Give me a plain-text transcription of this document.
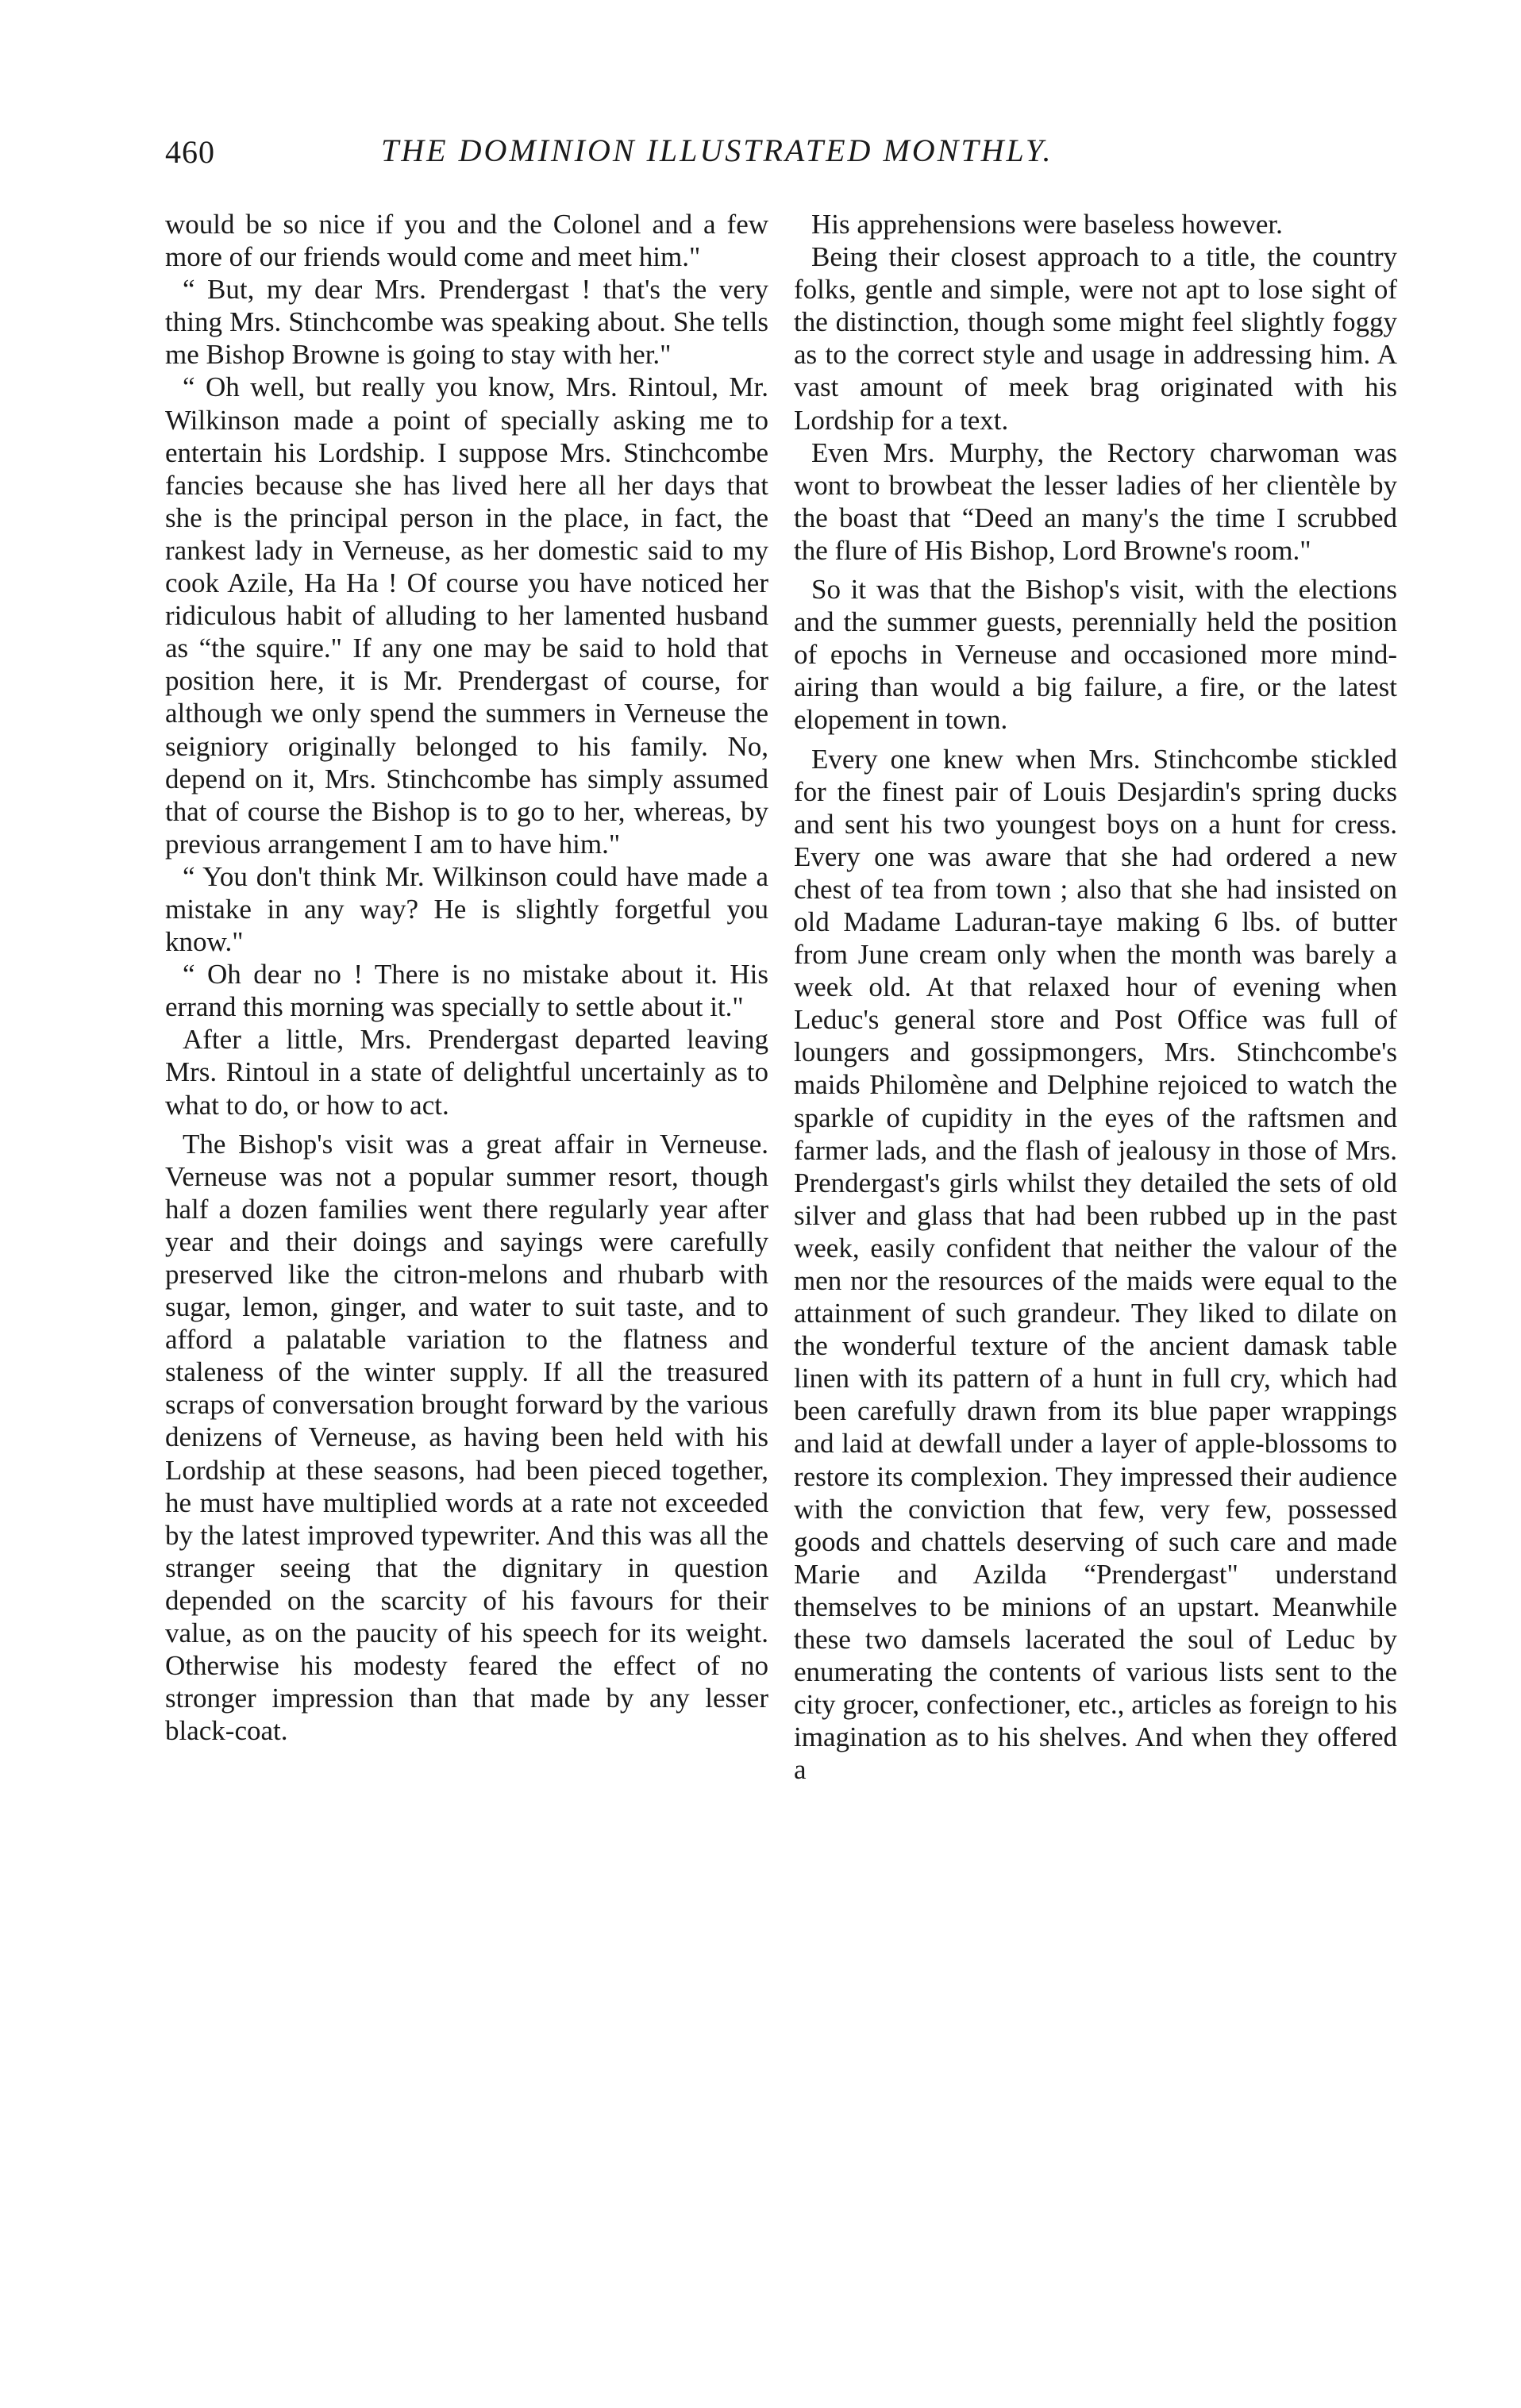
460	THE DOMINION ILLUSTRATED MONTHLY.

would be so nice if you and the Colonel and a few more of our friends would come and meet him."

“ But, my dear Mrs. Prendergast ! that's the very thing Mrs. Stinchcombe was speaking about. She tells me Bishop Browne is going to stay with her."

“ Oh well, but really you know, Mrs. Rintoul, Mr. Wilkinson made a point of specially asking me to entertain his Lordship. I suppose Mrs. Stinchcombe fancies because she has lived here all her days that she is the principal person in the place, in fact, the rankest lady in Verneuse, as her domestic said to my cook Azile, Ha Ha ! Of course you have noticed her ridiculous habit of alluding to her lamented husband as “the squire." If any one may be said to hold that position here, it is Mr. Prendergast of course, for although we only spend the summers in Verneuse the seigniory originally belonged to his family. No, depend on it, Mrs. Stinchcombe has simply assumed that of course the Bishop is to go to her, whereas, by previous arrangement I am to have him."

“ You don't think Mr. Wilkinson could have made a mistake in any way? He is slightly forgetful you know."

“ Oh dear no ! There is no mistake about it. His errand this morning was specially to settle about it."

After a little, Mrs. Prendergast departed leaving Mrs. Rintoul in a state of delightful uncertainly as to what to do, or how to act.

The Bishop's visit was a great affair in Verneuse. Verneuse was not a popular summer resort, though half a dozen families went there regularly year after year and their doings and sayings were carefully preserved like the citron-melons and rhubarb with sugar, lemon, ginger, and water to suit taste, and to afford a palatable variation to the flatness and staleness of the winter supply. If all the treasured scraps of conversation brought forward by the various denizens of Verneuse, as having been held with his Lordship at these seasons, had been pieced together, he must have multiplied words at a rate not exceeded by the latest improved typewriter. And this was all the stranger seeing that the dignitary in question depended on the scarcity of his favours for their value, as on the paucity of his speech for its weight. Otherwise his modesty feared the effect of no stronger impression than that made by any lesser black-coat.

His apprehensions were baseless however.

Being their closest approach to a title, the country folks, gentle and simple, were not apt to lose sight of the distinction, though some might feel slightly foggy as to the correct style and usage in addressing him. A vast amount of meek brag originated with his Lordship for a text.

Even Mrs. Murphy, the Rectory charwoman was wont to browbeat the lesser ladies of her clientèle by the boast that “Deed an many's the time I scrubbed the flure of His Bishop, Lord Browne's room."

So it was that the Bishop's visit, with the elections and the summer guests, perennially held the position of epochs in Verneuse and occasioned more mind-airing than would a big failure, a fire, or the latest elopement in town.

Every one knew when Mrs. Stinchcombe stickled for the finest pair of Louis Desjardin's spring ducks and sent his two youngest boys on a hunt for cress. Every one was aware that she had ordered a new chest of tea from town ; also that she had insisted on old Madame Laduran-taye making 6 lbs. of butter from June cream only when the month was barely a week old. At that relaxed hour of evening when Leduc's general store and Post Office was full of loungers and gossipmongers, Mrs. Stinchcombe's maids Philomène and Delphine rejoiced to watch the sparkle of cupidity in the eyes of the raftsmen and farmer lads, and the flash of jealousy in those of Mrs. Prendergast's girls whilst they detailed the sets of old silver and glass that had been rubbed up in the past week, easily confident that neither the valour of the men nor the resources of the maids were equal to the attainment of such grandeur. They liked to dilate on the wonderful texture of the ancient damask table linen with its pattern of a hunt in full cry, which had been carefully drawn from its blue paper wrappings and laid at dewfall under a layer of apple-blossoms to restore its complexion. They impressed their audience with the conviction that few, very few, possessed goods and chattels deserving of such care and made Marie and Azilda “Prendergast" understand themselves to be minions of an upstart. Meanwhile these two damsels lacerated the soul of Leduc by enumerating the contents of various lists sent to the city grocer, confectioner, etc., articles as foreign to his imagination as to his shelves. And when they offered a
